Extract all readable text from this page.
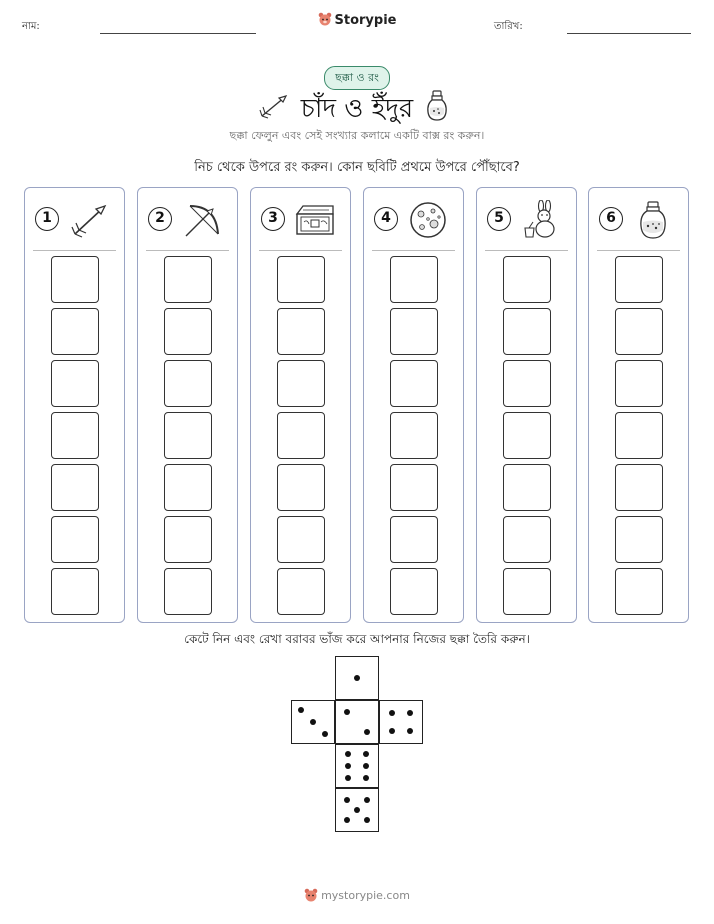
নাম:	Storypie	তারিখ:
ছক্কা ও রং
চাঁদ ও ইঁদুর
ছক্কা ফেলুন এবং সেই সংখ্যার কলামে একটি বাক্স রং করুন।
নিচ থেকে উপরে রং করুন। কোন ছবিটি প্রথমে উপরে পৌঁছাবে?
1	2	3	4	5	6
কেটে নিন এবং রেখা বরাবর ভাঁজ করে আপনার নিজের ছক্কা তৈরি করুন।
mystorypie.com
